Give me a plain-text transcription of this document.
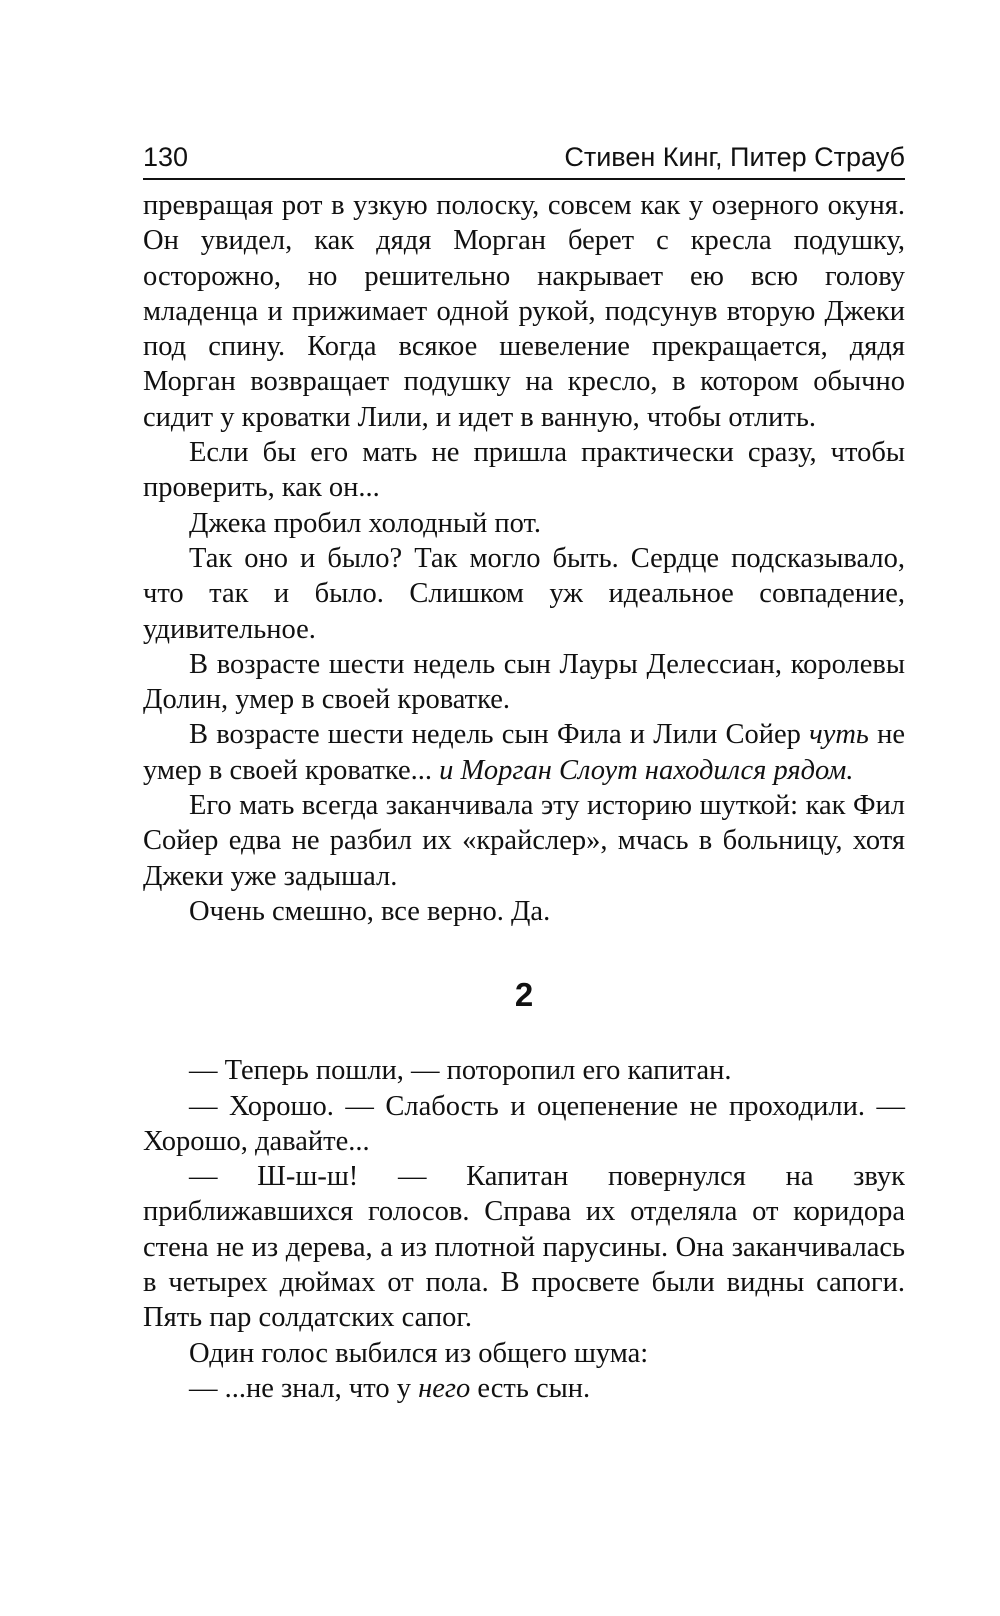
130	Стивен Кинг, Питер Страуб

превращая рот в узкую полоску, совсем как у озерного окуня. Он увидел, как дядя Морган берет с кресла подушку, осторожно, но решительно накрывает ею всю голову младенца и прижимает одной рукой, подсунув вторую Джеки под спину. Когда всякое шевеление прекращается, дядя Морган возвращает подушку на кресло, в котором обычно сидит у кроватки Лили, и идет в ванную, чтобы отлить.

Если бы его мать не пришла практически сразу, чтобы проверить, как он...

Джека пробил холодный пот.

Так оно и было? Так могло быть. Сердце подсказывало, что так и было. Слишком уж идеальное совпадение, удивительное.

В возрасте шести недель сын Лауры Делессиан, королевы Долин, умер в своей кроватке.

В возрасте шести недель сын Фила и Лили Сойер чуть не умер в своей кроватке... и Морган Слоут находился рядом.

Его мать всегда заканчивала эту историю шуткой: как Фил Сойер едва не разбил их «крайслер», мчась в больницу, хотя Джеки уже задышал.

Очень смешно, все верно. Да.

2

— Теперь пошли, — поторопил его капитан.

— Хорошо. — Слабость и оцепенение не проходили. — Хорошо, давайте...

— Ш-ш-ш! — Капитан повернулся на звук приближавшихся голосов. Справа их отделяла от коридора стена не из дерева, а из плотной парусины. Она заканчивалась в четырех дюймах от пола. В просвете были видны сапоги. Пять пар солдатских сапог.

Один голос выбился из общего шума:

— ...не знал, что у него есть сын.
